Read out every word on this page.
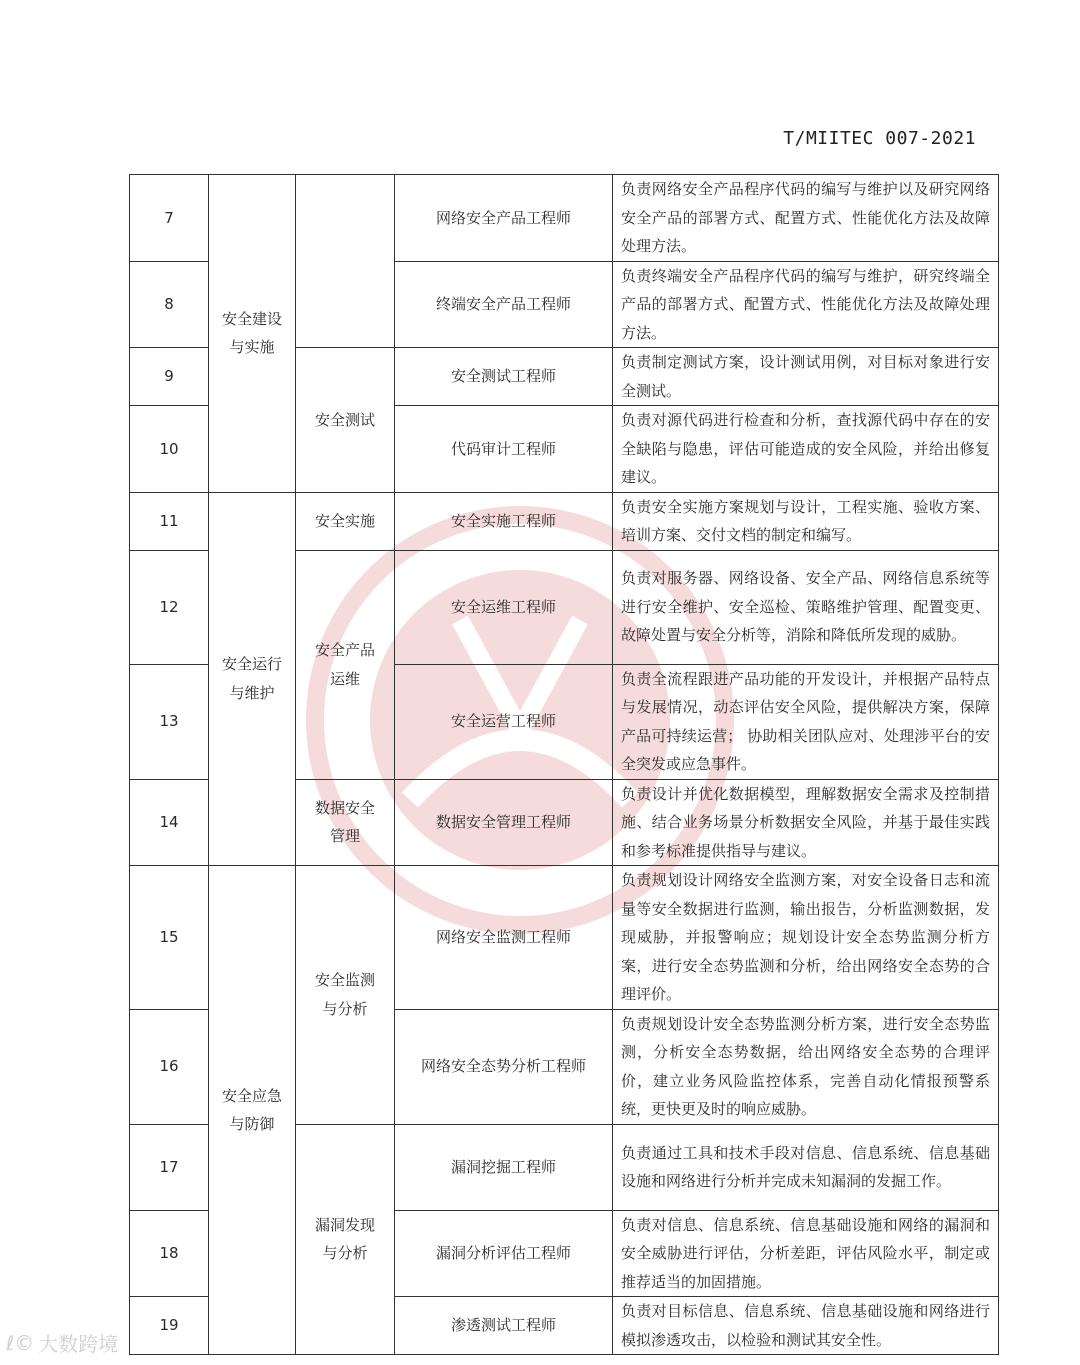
T/MIITEC 007-2021
7	安全建设与实施		网络安全产品工程师	负责网络安全产品程序代码的编写与维护以及研究网络安全产品的部署方式、配置方式、性能优化方法及故障处理方法。
8			终端安全产品工程师	负责终端安全产品程序代码的编写与维护，研究终端全产品的部署方式、配置方式、性能优化方法及故障处理方法。
9		安全测试	安全测试工程师	负责制定测试方案，设计测试用例，对目标对象进行安全测试。
10			代码审计工程师	负责对源代码进行检查和分析，查找源代码中存在的安全缺陷与隐患，评估可能造成的安全风险，并给出修复建议。
11	安全运行与维护	安全实施	安全实施工程师	负责安全实施方案规划与设计，工程实施、验收方案、培训方案、交付文档的制定和编写。
12		安全产品运维	安全运维工程师	负责对服务器、网络设备、安全产品、网络信息系统等进行安全维护、安全巡检、策略维护管理、配置变更、故障处置与安全分析等，消除和降低所发现的威胁。
13			安全运营工程师	负责全流程跟进产品功能的开发设计，并根据产品特点与发展情况，动态评估安全风险，提供解决方案，保障产品可持续运营； 协助相关团队应对、处理涉平台的安全突发或应急事件。
14		数据安全管理	数据安全管理工程师	负责设计并优化数据模型，理解数据安全需求及控制措施、结合业务场景分析数据安全风险，并基于最佳实践和参考标准提供指导与建议。
15	安全应急与防御	安全监测与分析	网络安全监测工程师	负责规划设计网络安全监测方案，对安全设备日志和流量等安全数据进行监测，输出报告，分析监测数据，发现威胁，并报警响应；规划设计安全态势监测分析方案，进行安全态势监测和分析，给出网络安全态势的合理评价。
16			网络安全态势分析工程师	负责规划设计安全态势监测分析方案，进行安全态势监测，分析安全态势数据，给出网络安全态势的合理评价，建立业务风险监控体系，完善自动化情报预警系统，更快更及时的响应威胁。
17		漏洞发现与分析	漏洞挖掘工程师	负责通过工具和技术手段对信息、信息系统、信息基础设施和网络进行分析并完成未知漏洞的发掘工作。
18			漏洞分析评估工程师	负责对信息、信息系统、信息基础设施和网络的漏洞和安全威胁进行评估，分析差距，评估风险水平，制定或推荐适当的加固措施。
19			渗透测试工程师	负责对目标信息、信息系统、信息基础设施和网络进行模拟渗透攻击，以检验和测试其安全性。
ℓ© 大数跨境
